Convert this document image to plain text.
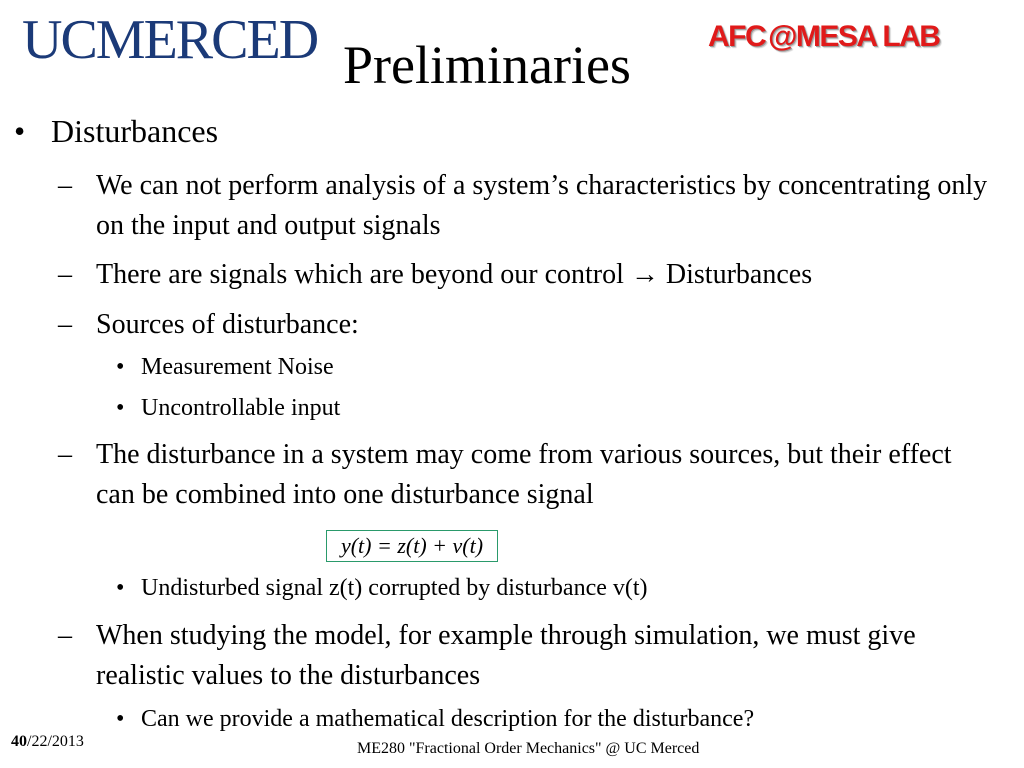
UCMERCED Preliminaries	AFC @MESA LAB
• Disturbances
– We can not perform analysis of a system’s characteristics by concentrating only on the input and output signals
– There are signals which are beyond our control → Disturbances
– Sources of disturbance:
• Measurement Noise
• Uncontrollable input
– The disturbance in a system may come from various sources, but their effect can be combined into one disturbance signal
y(t) = z(t) + v(t)
• Undisturbed signal z(t) corrupted by disturbance v(t)
– When studying the model, for example through simulation, we must give realistic values to the disturbances
• Can we provide a mathematical description for the disturbance?
40/22/2013	ME280 "Fractional Order Mechanics" @ UC Merced
